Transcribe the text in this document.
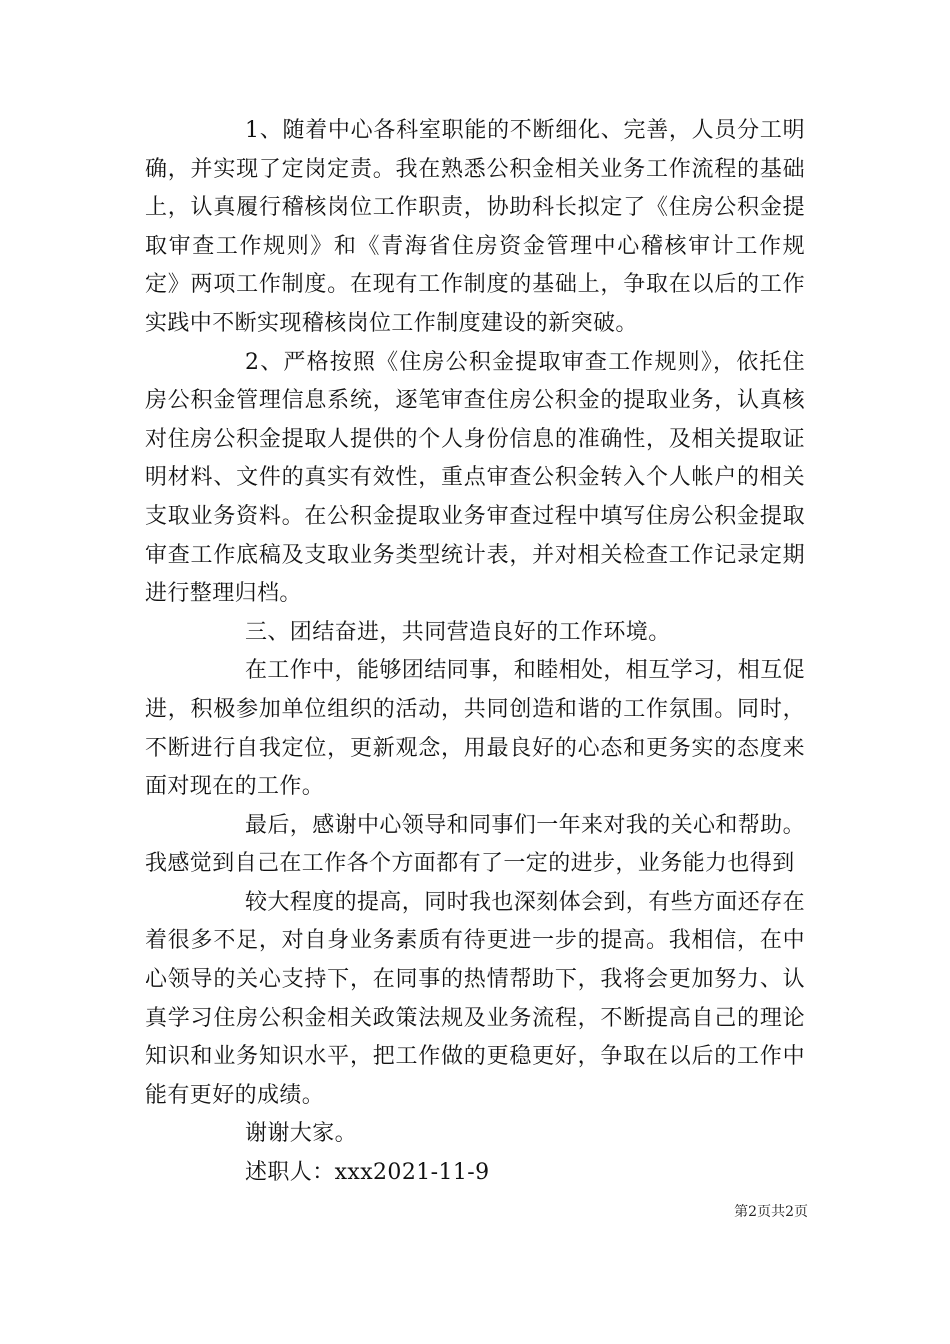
1、随着中心各科室职能的不断细化、完善，人员分工明确，并实现了定岗定责。我在熟悉公积金相关业务工作流程的基础上，认真履行稽核岗位工作职责，协助科长拟定了《住房公积金提取审查工作规则》和《青海省住房资金管理中心稽核审计工作规定》两项工作制度。在现有工作制度的基础上，争取在以后的工作实践中不断实现稽核岗位工作制度建设的新突破。

2、严格按照《住房公积金提取审查工作规则》，依托住房公积金管理信息系统，逐笔审查住房公积金的提取业务，认真核对住房公积金提取人提供的个人身份信息的准确性，及相关提取证明材料、文件的真实有效性，重点审查公积金转入个人帐户的相关支取业务资料。在公积金提取业务审查过程中填写住房公积金提取审查工作底稿及支取业务类型统计表，并对相关检查工作记录定期进行整理归档。

三、团结奋进，共同营造良好的工作环境。

在工作中，能够团结同事，和睦相处，相互学习，相互促进，积极参加单位组织的活动，共同创造和谐的工作氛围。同时，不断进行自我定位，更新观念，用最良好的心态和更务实的态度来面对现在的工作。

最后，感谢中心领导和同事们一年来对我的关心和帮助。我感觉到自己在工作各个方面都有了一定的进步，业务能力也得到

较大程度的提高，同时我也深刻体会到，有些方面还存在着很多不足，对自身业务素质有待更进一步的提高。我相信，在中心领导的关心支持下，在同事的热情帮助下，我将会更加努力、认真学习住房公积金相关政策法规及业务流程，不断提高自己的理论知识和业务知识水平，把工作做的更稳更好，争取在以后的工作中能有更好的成绩。

谢谢大家。

述职人：xxx2021-11-9

第2页共2页
